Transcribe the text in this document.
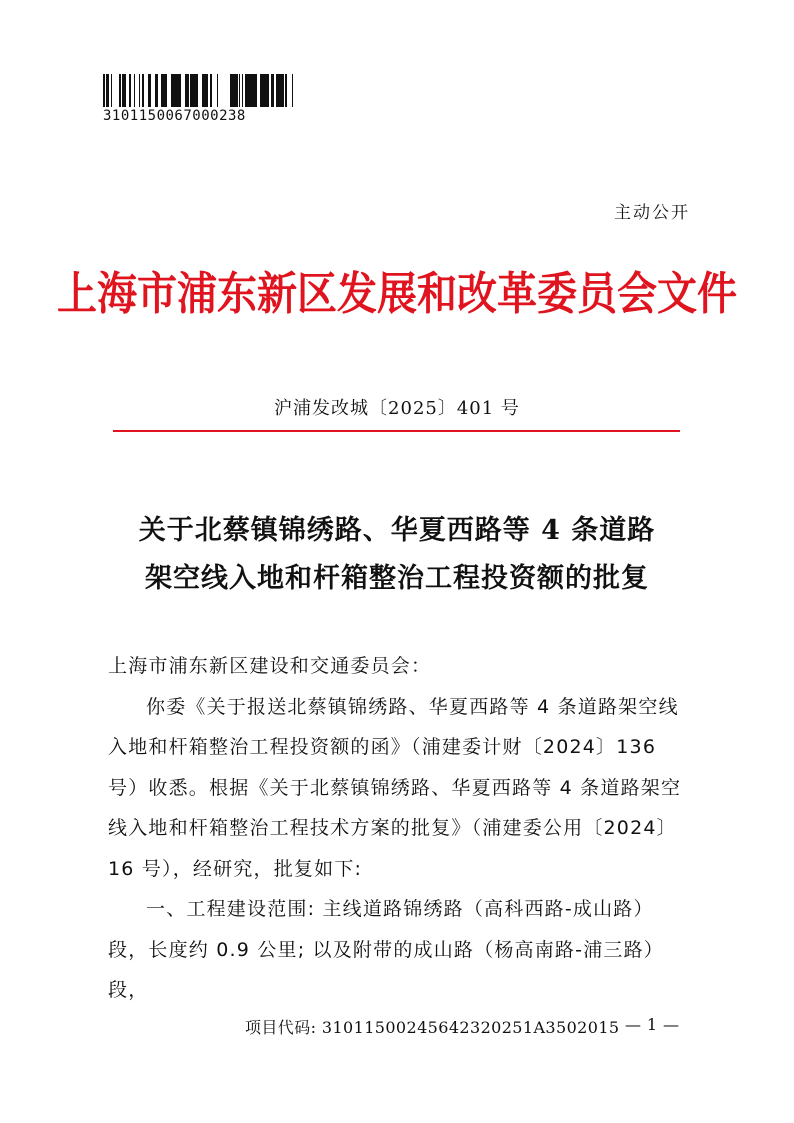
3101150067000238
主动公开
上海市浦东新区发展和改革委员会文件
沪浦发改城〔2025〕401 号
关于北蔡镇锦绣路、华夏西路等 4 条道路
架空线入地和杆箱整治工程投资额的批复

上海市浦东新区建设和交通委员会：

你委《关于报送北蔡镇锦绣路、华夏西路等 4 条道路架空线入地和杆箱整治工程投资额的函》（浦建委计财〔2024〕136 号）收悉。根据《关于北蔡镇锦绣路、华夏西路等 4 条道路架空线入地和杆箱整治工程技术方案的批复》（浦建委公用〔2024〕16 号），经研究，批复如下:

一、工程建设范围: 主线道路锦绣路（高科西路-成山路）段，长度约 0.9 公里; 以及附带的成山路（杨高南路-浦三路）段，

项目代码: 31011500245642320251A3502015 — 1 —
